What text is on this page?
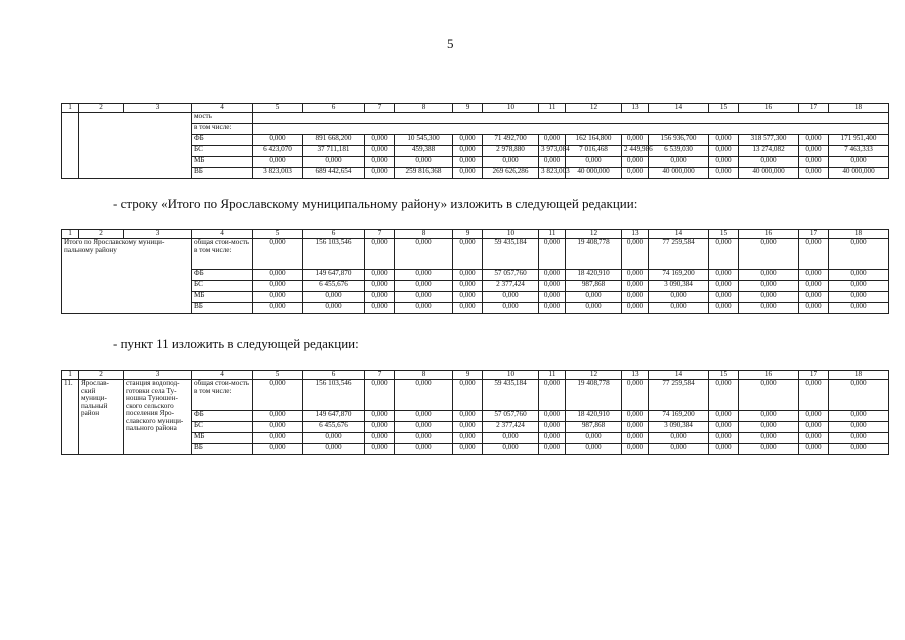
5
1	2	3	4	5	6	7	8	9	10	11	12	13	14	15	16	17	18
			мость														
			в том числе:														
			ФБ	0,000	891 668,200	0,000	10 545,300	0,000	71 492,700	0,000	162 164,800	0,000	156 936,700	0,000	318 577,300	0,000	171 951,400
			БС	6 423,070	37 711,181	0,000	459,388	0,000	2 978,880	3 973,084	7 016,468	2 449,986	6 539,030	0,000	13 274,082	0,000	7 463,333
			МБ	0,000	0,000	0,000	0,000	0,000	0,000	0,000	0,000	0,000	0,000	0,000	0,000	0,000	0,000
			ВБ	3 823,003	689 442,654	0,000	259 816,368	0,000	269 626,286	3 823,003	40 000,000	0,000	40 000,000	0,000	40 000,000	0,000	40 000,000
- строку «Итого по Ярославскому муниципальному району» изложить в следующей редакции:
1	2	3	4	5	6	7	8	9	10	11	12	13	14	15	16	17	18
Итого по Ярославскому муници-пальному району			общая стои-мость в том числе:	0,000	156 103,546	0,000	0,000	0,000	59 435,184	0,000	19 408,778	0,000	77 259,584	0,000	0,000	0,000	0,000
			ФБ	0,000	149 647,870	0,000	0,000	0,000	57 057,760	0,000	18 420,910	0,000	74 169,200	0,000	0,000	0,000	0,000
			БС	0,000	6 455,676	0,000	0,000	0,000	2 377,424	0,000	987,868	0,000	3 090,384	0,000	0,000	0,000	0,000
			МБ	0,000	0,000	0,000	0,000	0,000	0,000	0,000	0,000	0,000	0,000	0,000	0,000	0,000	0,000
			ВБ	0,000	0,000	0,000	0,000	0,000	0,000	0,000	0,000	0,000	0,000	0,000	0,000	0,000	0,000
- пункт 11 изложить в следующей редакции:
1	2	3	4	5	6	7	8	9	10	11	12	13	14	15	16	17	18
11.	Ярослав-ский муници-пальный район	станция водопод-готовки села Ту-ношна Туношен-ского сельского поселения Яро-славского муници-пального района	общая стои-мость в том числе:	0,000	156 103,546	0,000	0,000	0,000	59 435,184	0,000	19 408,778	0,000	77 259,584	0,000	0,000	0,000	0,000
			ФБ	0,000	149 647,870	0,000	0,000	0,000	57 057,760	0,000	18 420,910	0,000	74 169,200	0,000	0,000	0,000	0,000
			БС	0,000	6 455,676	0,000	0,000	0,000	2 377,424	0,000	987,868	0,000	3 090,384	0,000	0,000	0,000	0,000
			МБ	0,000	0,000	0,000	0,000	0,000	0,000	0,000	0,000	0,000	0,000	0,000	0,000	0,000	0,000
			ВБ	0,000	0,000	0,000	0,000	0,000	0,000	0,000	0,000	0,000	0,000	0,000	0,000	0,000	0,000
